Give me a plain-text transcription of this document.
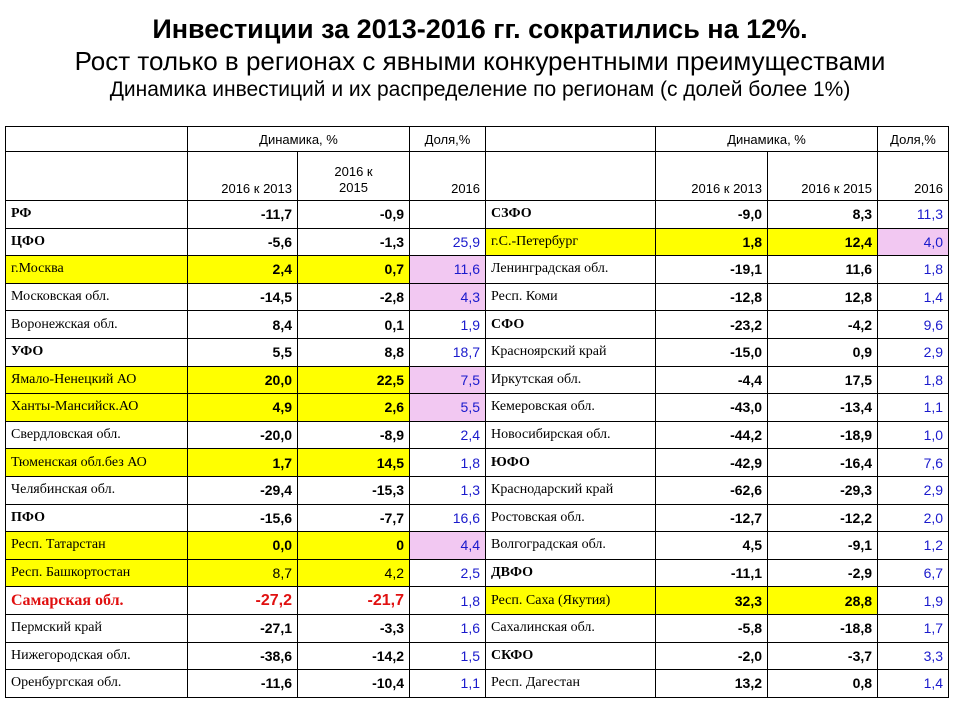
Инвестиции за 2013-2016 гг. сократились на 12%.
Рост только в регионах с явными конкурентными преимуществами
Динамика инвестиций и их распределение по регионам (с долей более 1%)
	Динамика, %		Доля,%		Динамика, %		Доля,%
	2016 к 2013	2016 к 2015	2016		2016 к 2013	2016 к 2015	2016
РФ	-11,7	-0,9		СЗФО	-9,0	8,3	11,3
ЦФО	-5,6	-1,3	25,9	г.С.-Петербург	1,8	12,4	4,0
г.Москва	2,4	0,7	11,6	Ленинградская обл.	-19,1	11,6	1,8
Московская обл.	-14,5	-2,8	4,3	Респ. Коми	-12,8	12,8	1,4
Воронежская обл.	8,4	0,1	1,9	СФО	-23,2	-4,2	9,6
УФО	5,5	8,8	18,7	Красноярский край	-15,0	0,9	2,9
Ямало-Ненецкий АО	20,0	22,5	7,5	Иркутская обл.	-4,4	17,5	1,8
Ханты-Мансийск.АО	4,9	2,6	5,5	Кемеровская обл.	-43,0	-13,4	1,1
Свердловская обл.	-20,0	-8,9	2,4	Новосибирская обл.	-44,2	-18,9	1,0
Тюменская обл.без АО	1,7	14,5	1,8	ЮФО	-42,9	-16,4	7,6
Челябинская обл.	-29,4	-15,3	1,3	Краснодарский край	-62,6	-29,3	2,9
ПФО	-15,6	-7,7	16,6	Ростовская обл.	-12,7	-12,2	2,0
Респ. Татарстан	0,0	0	4,4	Волгоградская обл.	4,5	-9,1	1,2
Респ. Башкортостан	8,7	4,2	2,5	ДВФО	-11,1	-2,9	6,7
Самарская обл.	-27,2	-21,7	1,8	Респ. Саха (Якутия)	32,3	28,8	1,9
Пермский край	-27,1	-3,3	1,6	Сахалинская обл.	-5,8	-18,8	1,7
Нижегородская обл.	-38,6	-14,2	1,5	СКФО	-2,0	-3,7	3,3
Оренбургская обл.	-11,6	-10,4	1,1	Респ. Дагестан	13,2	0,8	1,4
